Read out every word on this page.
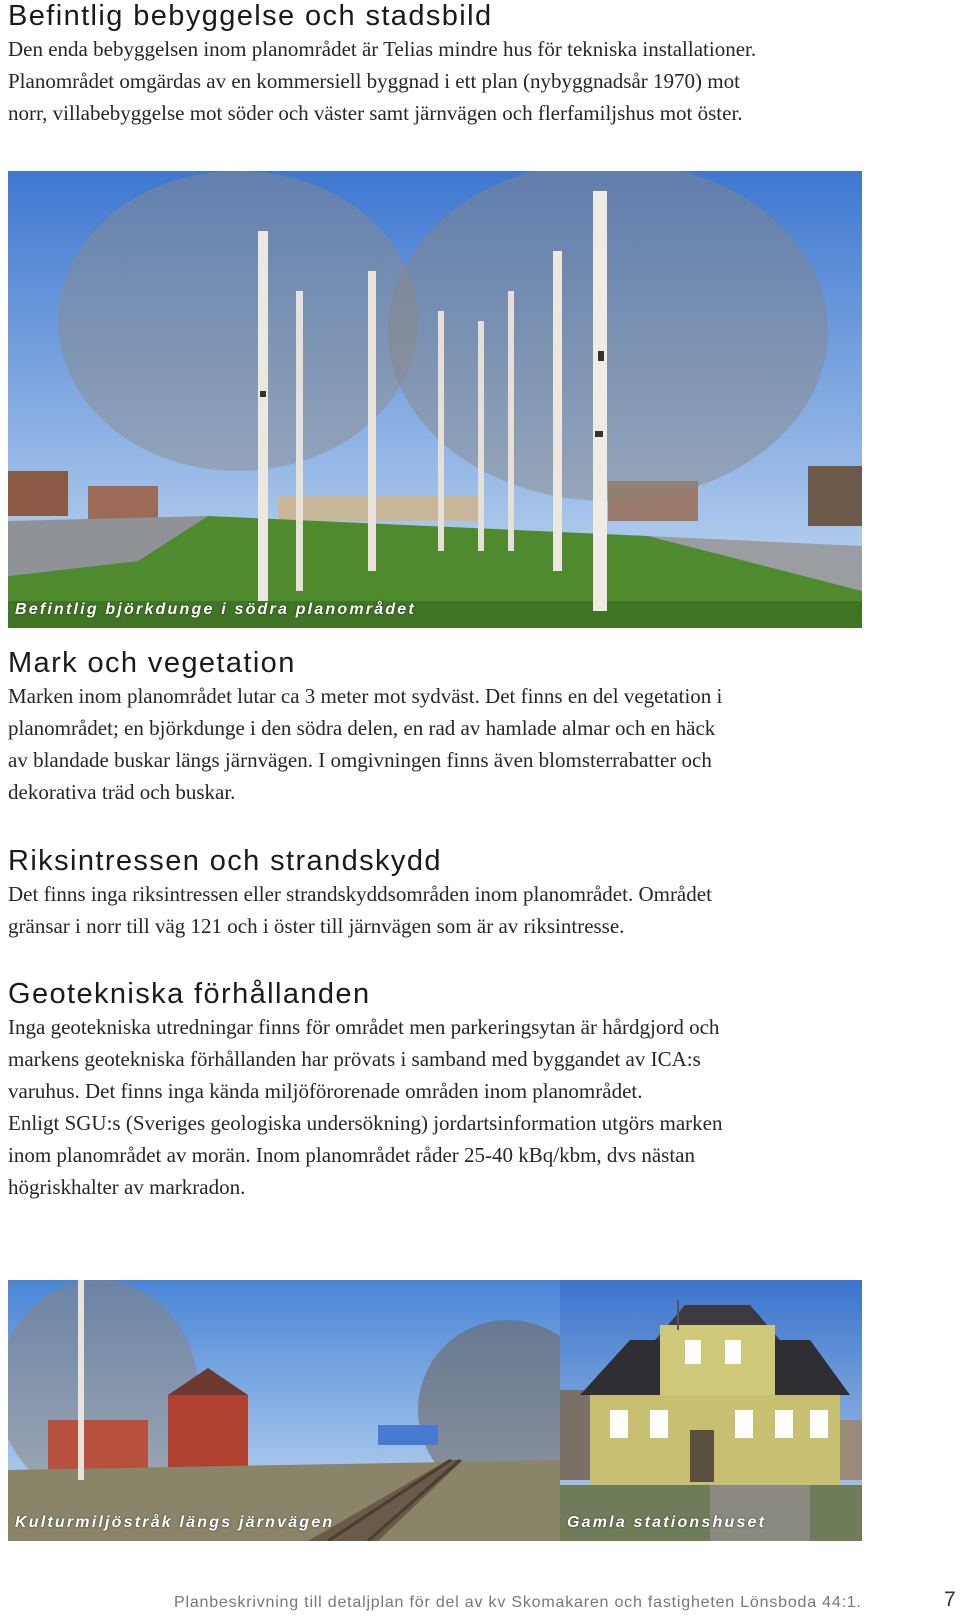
Befintlig bebyggelse och stadsbild

Den enda bebyggelsen inom planområdet är Telias mindre hus för tekniska installationer.

Planområdet omgärdas av en kommersiell byggnad i ett plan (nybyggnadsår 1970) mot

norr, villabebyggelse mot söder och väster samt järnvägen och flerfamiljshus mot öster.

Befintlig björkdunge i södra planområdet
Mark och vegetation

Marken inom planområdet lutar ca 3 meter mot sydväst. Det finns en del vegetation i

planområdet; en björkdunge i den södra delen, en rad av hamlade almar och en häck

av blandade buskar längs järnvägen. I omgivningen finns även blomsterrabatter och

dekorativa träd och buskar.

Riksintressen och strandskydd

Det finns inga riksintressen eller strandskyddsområden inom planområdet. Området

gränsar i norr till väg 121 och i öster till järnvägen som är av riksintresse.

Geotekniska förhållanden

Inga geotekniska utredningar finns för området men parkeringsytan är hårdgjord och

markens geotekniska förhållanden har prövats i samband med byggandet av ICA:s

varuhus. Det finns inga kända miljöförorenade områden inom planområdet.

Enligt SGU:s (Sveriges geologiska undersökning) jordartsinformation utgörs marken

inom planområdet av morän. Inom planområdet råder 25-40 kBq/kbm, dvs nästan

högriskhalter av markradon.

Kulturmiljöstråk längs järnvägen	Gamla stationshuset
Planbeskrivning till detaljplan för del av kv Skomakaren och fastigheten Lönsboda 44:1.	7
